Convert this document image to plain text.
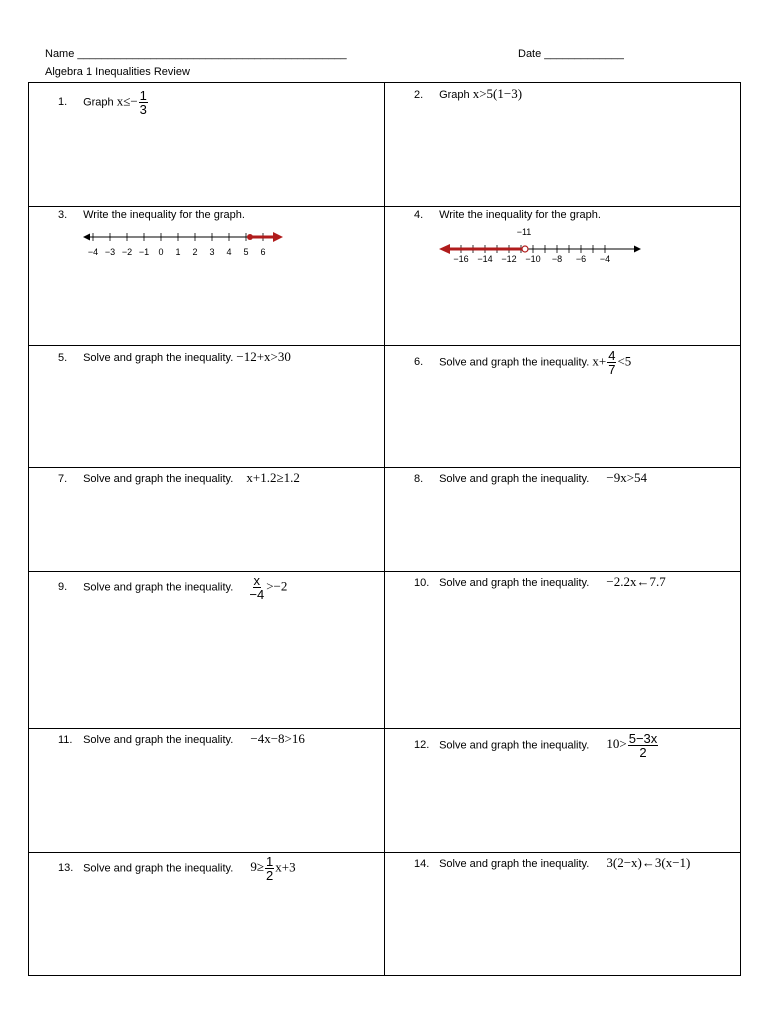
Name ____________________________________________	Date _____________
Algebra 1 Inequalities Review
1. Graph $x\le- \frac{1}{3}$	2. Graph x>5(1−3)
3. Write the inequality for the graph.
−4 −3 −2 −1 0 1 2 3 4 5 6
4. Write the inequality for the graph.
−11
−16 −14 −12 −10 −8 −6 −4
5. Solve and graph the inequality. −12+x>30	6. Solve and graph the inequality. $x+ \frac{4}{7} <5$
7. Solve and graph the inequality. x+1.2≥1.2	8. Solve and graph the inequality. −9x>54
9. Solve and graph the inequality. $\frac{x}{-4} >-2$	10. Solve and graph the inequality. −2.2x←7.7
11. Solve and graph the inequality. −4x−8>16	12. Solve and graph the inequality. $10> \frac{5-3x}{2}$
13. Solve and graph the inequality. $9\ge \frac{1}{2} x+3$	14. Solve and graph the inequality. 3(2−x)←3(x−1)
